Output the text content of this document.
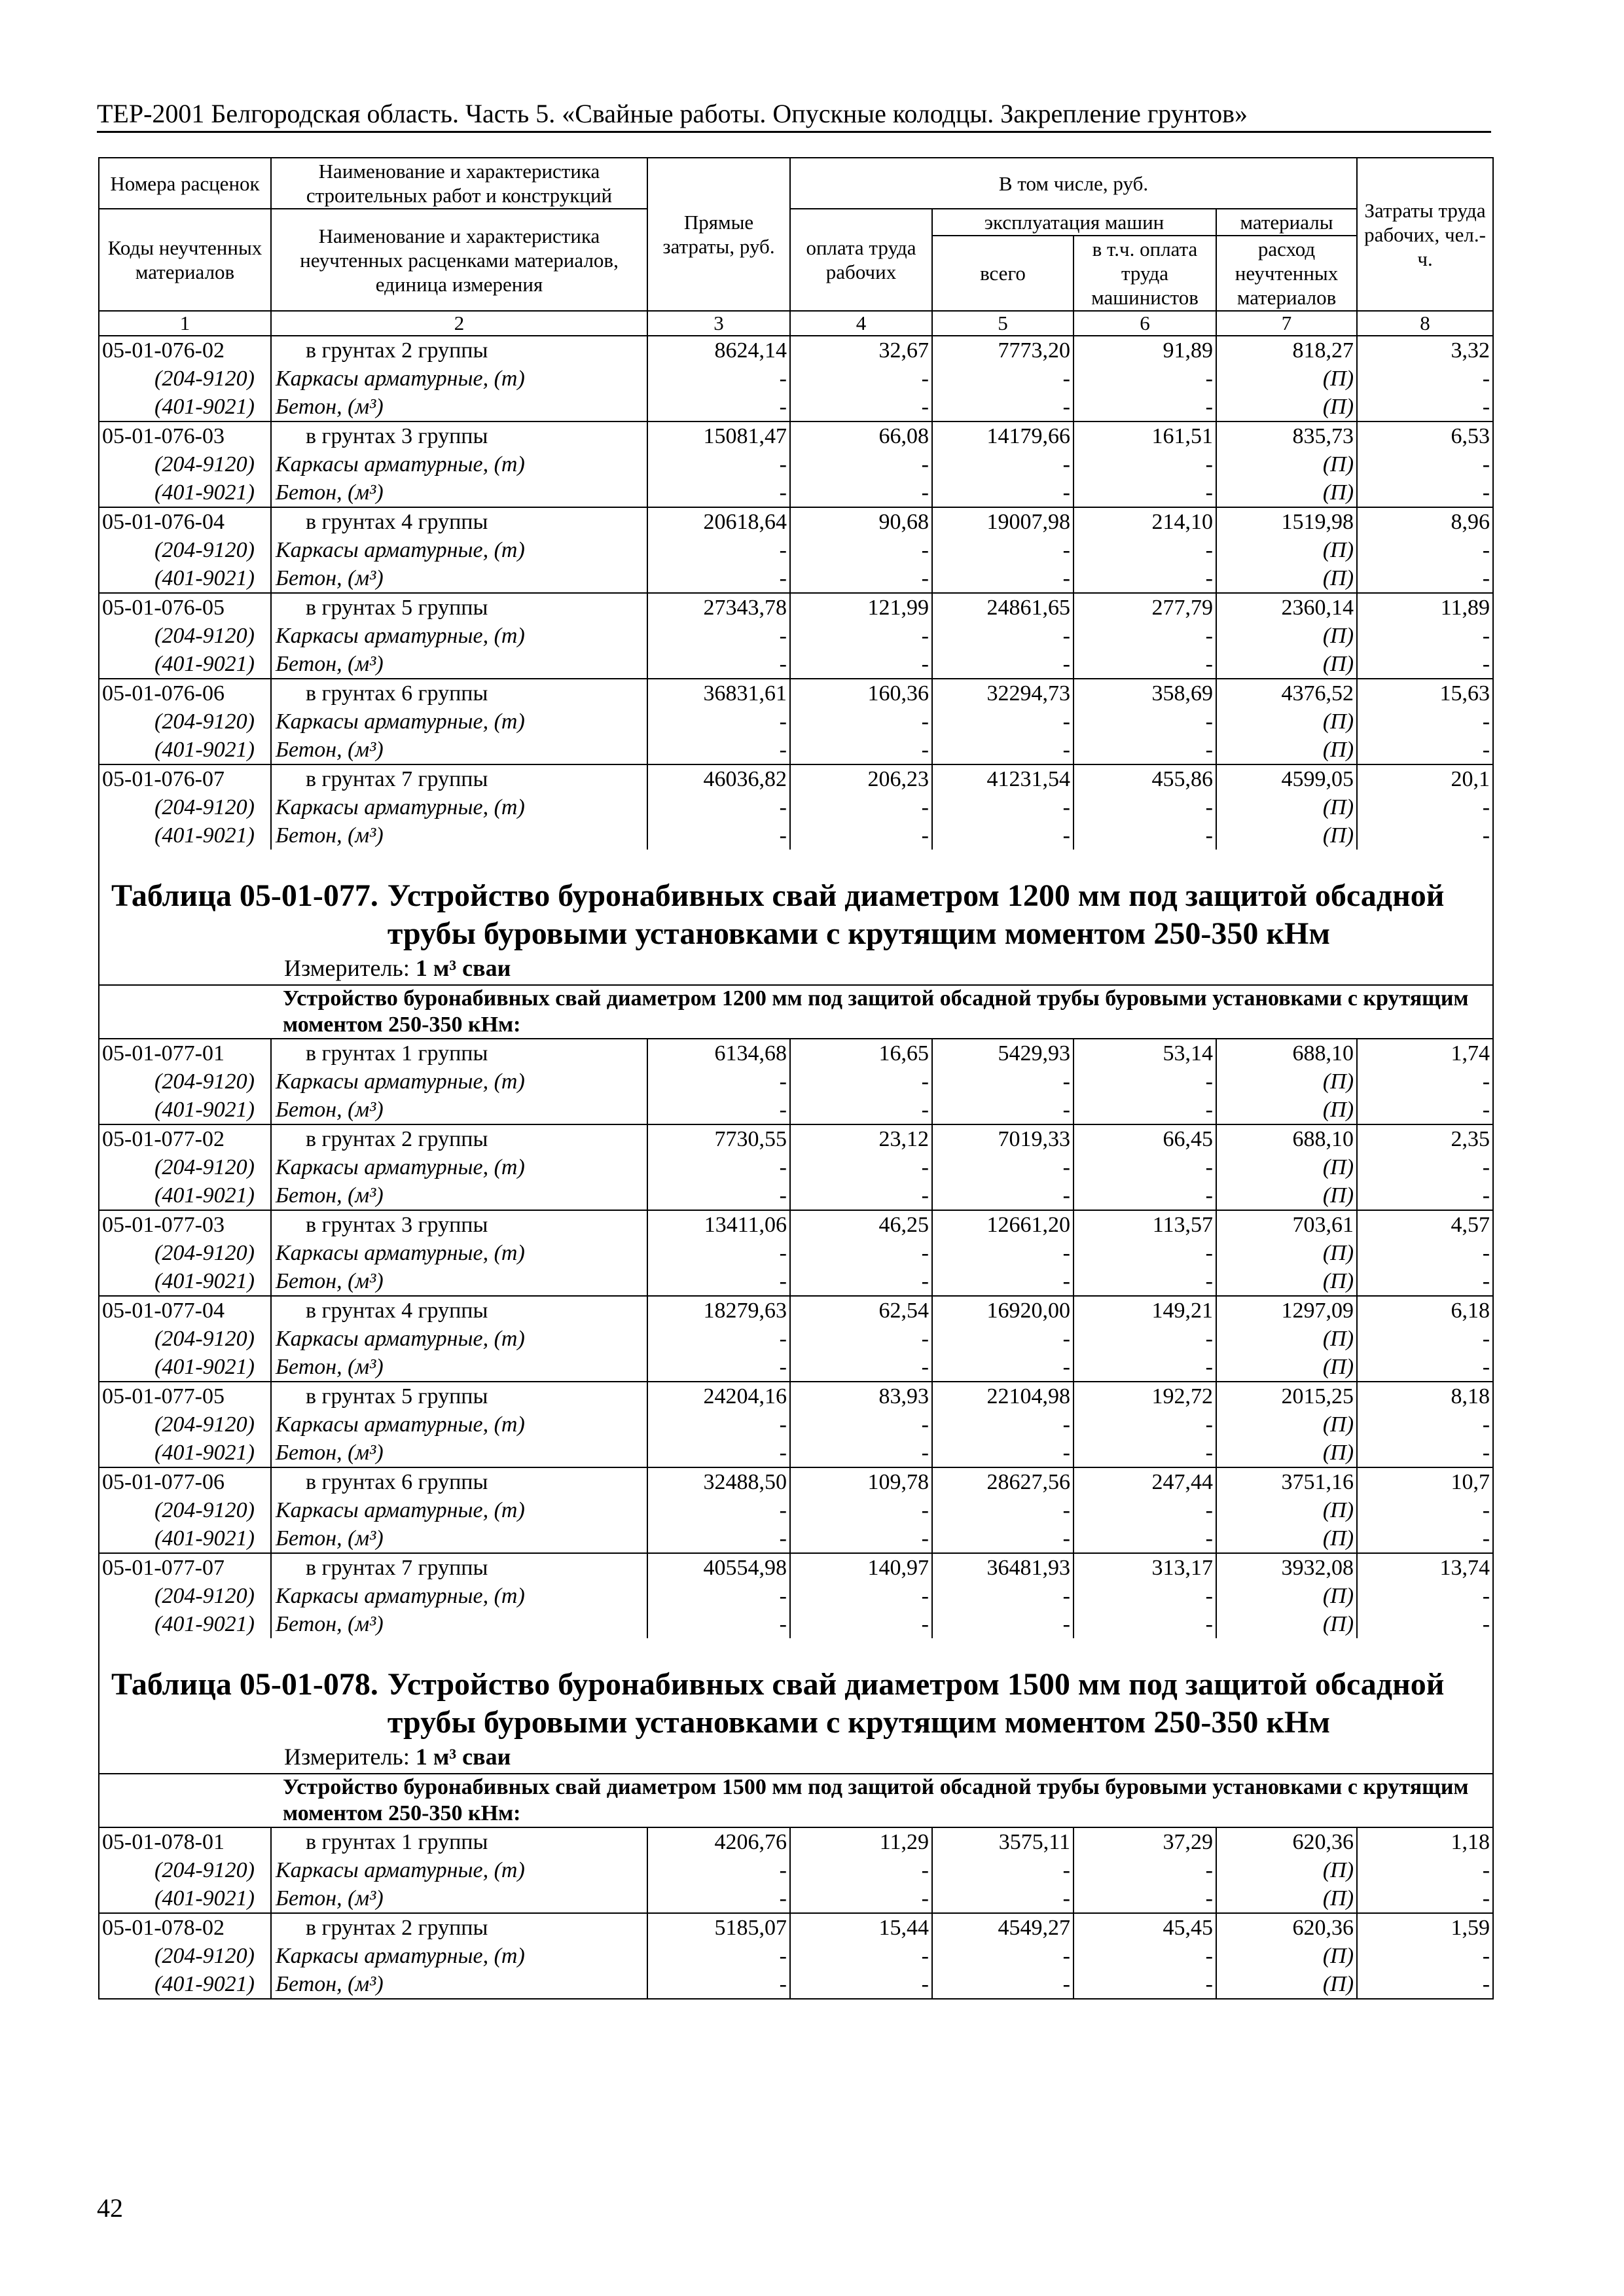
ТЕР-2001 Белгородская область. Часть 5. «Свайные работы. Опускные колодцы. Закрепление грунтов»
Номера расценок	Наименование и характеристика строительных работ и конструкций	Прямые затраты, руб.	В том числе, руб.				Затраты труда рабочих, чел.-ч.
Коды неучтенных материалов	Наименование и характеристика неучтенных расценками материалов, единица измерения		оплата труда рабочих	эксплуатация машин		материалы	
				всего	в т.ч. оплата труда машинистов	расход неучтенных материалов	
1	2	3	4	5	6	7	8
05-01-076-02	в грунтах 2 группы	8624,14	32,67	7773,20	91,89	818,27	3,32
(204-9120)	Каркасы арматурные, (т)	-	-	-	-	(П)	-
(401-9021)	Бетон, (м³)	-	-	-	-	(П)	-
05-01-076-03	в грунтах 3 группы	15081,47	66,08	14179,66	161,51	835,73	6,53
(204-9120)	Каркасы арматурные, (т)	-	-	-	-	(П)	-
(401-9021)	Бетон, (м³)	-	-	-	-	(П)	-
05-01-076-04	в грунтах 4 группы	20618,64	90,68	19007,98	214,10	1519,98	8,96
(204-9120)	Каркасы арматурные, (т)	-	-	-	-	(П)	-
(401-9021)	Бетон, (м³)	-	-	-	-	(П)	-
05-01-076-05	в грунтах 5 группы	27343,78	121,99	24861,65	277,79	2360,14	11,89
(204-9120)	Каркасы арматурные, (т)	-	-	-	-	(П)	-
(401-9021)	Бетон, (м³)	-	-	-	-	(П)	-
05-01-076-06	в грунтах 6 группы	36831,61	160,36	32294,73	358,69	4376,52	15,63
(204-9120)	Каркасы арматурные, (т)	-	-	-	-	(П)	-
(401-9021)	Бетон, (м³)	-	-	-	-	(П)	-
05-01-076-07	в грунтах 7 группы	46036,82	206,23	41231,54	455,86	4599,05	20,1
(204-9120)	Каркасы арматурные, (т)	-	-	-	-	(П)	-
(401-9021)	Бетон, (м³)	-	-	-	-	(П)	-

Таблица 05-01-077. Устройство буронабивных свай диаметром 1200 мм под защитой обсадной трубы буровыми установками с крутящим моментом 250-350 кНм
Измеритель: 1 м³ сваи							

	Устройство буронабивных свай диаметром 1200 мм под защитой обсадной трубы буровыми установками с крутящим моментом 250-350 кНм:						
05-01-077-01	в грунтах 1 группы	6134,68	16,65	5429,93	53,14	688,10	1,74
(204-9120)	Каркасы арматурные, (т)	-	-	-	-	(П)	-
(401-9021)	Бетон, (м³)	-	-	-	-	(П)	-
05-01-077-02	в грунтах 2 группы	7730,55	23,12	7019,33	66,45	688,10	2,35
(204-9120)	Каркасы арматурные, (т)	-	-	-	-	(П)	-
(401-9021)	Бетон, (м³)	-	-	-	-	(П)	-
05-01-077-03	в грунтах 3 группы	13411,06	46,25	12661,20	113,57	703,61	4,57
(204-9120)	Каркасы арматурные, (т)	-	-	-	-	(П)	-
(401-9021)	Бетон, (м³)	-	-	-	-	(П)	-
05-01-077-04	в грунтах 4 группы	18279,63	62,54	16920,00	149,21	1297,09	6,18
(204-9120)	Каркасы арматурные, (т)	-	-	-	-	(П)	-
(401-9021)	Бетон, (м³)	-	-	-	-	(П)	-
05-01-077-05	в грунтах 5 группы	24204,16	83,93	22104,98	192,72	2015,25	8,18
(204-9120)	Каркасы арматурные, (т)	-	-	-	-	(П)	-
(401-9021)	Бетон, (м³)	-	-	-	-	(П)	-
05-01-077-06	в грунтах 6 группы	32488,50	109,78	28627,56	247,44	3751,16	10,7
(204-9120)	Каркасы арматурные, (т)	-	-	-	-	(П)	-
(401-9021)	Бетон, (м³)	-	-	-	-	(П)	-
05-01-077-07	в грунтах 7 группы	40554,98	140,97	36481,93	313,17	3932,08	13,74
(204-9120)	Каркасы арматурные, (т)	-	-	-	-	(П)	-
(401-9021)	Бетон, (м³)	-	-	-	-	(П)	-

Таблица 05-01-078. Устройство буронабивных свай диаметром 1500 мм под защитой обсадной трубы буровыми установками с крутящим моментом 250-350 кНм
Измеритель: 1 м³ сваи							

	Устройство буронабивных свай диаметром 1500 мм под защитой обсадной трубы буровыми установками с крутящим моментом 250-350 кНм:						
05-01-078-01	в грунтах 1 группы	4206,76	11,29	3575,11	37,29	620,36	1,18
(204-9120)	Каркасы арматурные, (т)	-	-	-	-	(П)	-
(401-9021)	Бетон, (м³)	-	-	-	-	(П)	-
05-01-078-02	в грунтах 2 группы	5185,07	15,44	4549,27	45,45	620,36	1,59
(204-9120)	Каркасы арматурные, (т)	-	-	-	-	(П)	-
(401-9021)	Бетон, (м³)	-	-	-	-	(П)	-
42
